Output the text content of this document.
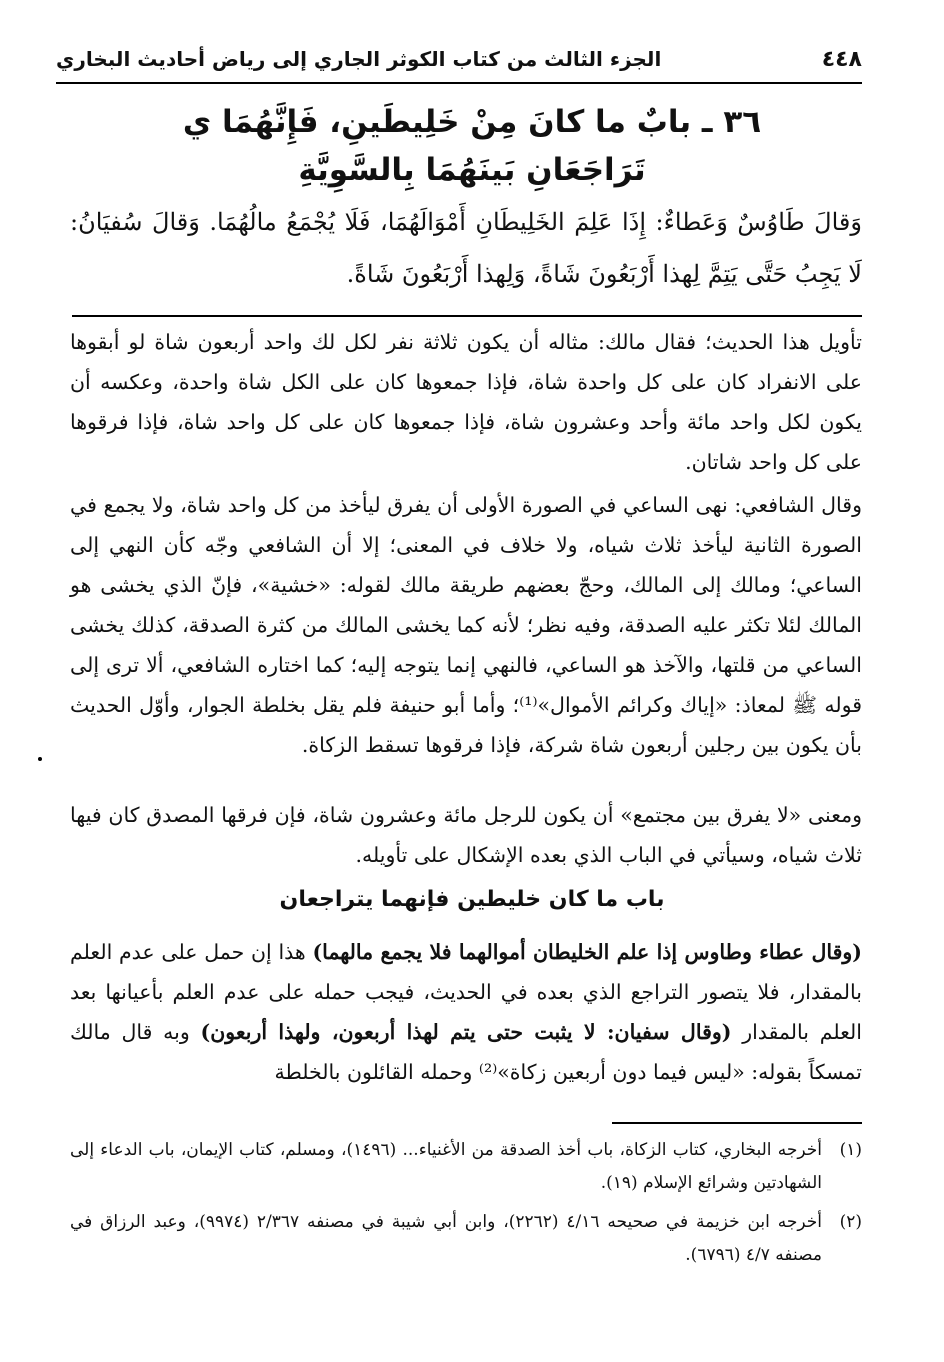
٤٤٨
الجزء الثالث من كتاب الكوثر الجاري إلى رياض أحاديث البخاري
٣٦ ـ بابٌ ما كانَ مِنْ خَلِيطَينِ، فَإِنَّهُمَا ي
تَرَاجَعَانِ بَينَهُمَا بِالسَّوِيَّةِ
وَقالَ طَاوُسٌ وَعَطاءٌ: إِذَا عَلِمَ الخَلِيطَانِ أَمْوَالَهُمَا، فَلَا يُجْمَعُ مالُهُمَا. وَقالَ سُفيَانُ: لَا يَجِبُ حَتَّى يَتِمَّ لِهذا أَرْبَعُونَ شَاةً، وَلِهذا أَرْبَعُونَ شَاةً.
تأويل هذا الحديث؛ فقال مالك: مثاله أن يكون ثلاثة نفر لكل لك واحد أربعون شاة لو أبقوها على الانفراد كان على كل واحدة شاة، فإذا جمعوها كان على الكل شاة واحدة، وعكسه أن يكون لكل واحد مائة وأحد وعشرون شاة، فإذا جمعوها كان على كل واحد شاة، فإذا فرقوها على كل واحد شاتان.
وقال الشافعي: نهى الساعي في الصورة الأولى أن يفرق ليأخذ من كل واحد شاة، ولا يجمع في الصورة الثانية ليأخذ ثلاث شياه، ولا خلاف في المعنى؛ إلا أن الشافعي وجّه كأن النهي إلى الساعي؛ ومالك إلى المالك، وحجّ بعضهم طريقة مالك لقوله: «خشية»، فإنّ الذي يخشى هو المالك لئلا تكثر عليه الصدقة، وفيه نظر؛ لأنه كما يخشى المالك من كثرة الصدقة، كذلك يخشى الساعي من قلتها، والآخذ هو الساعي، فالنهي إنما يتوجه إليه؛ كما اختاره الشافعي، ألا ترى إلى قوله ﷺ لمعاذ: «إياك وكرائم الأموال»⁽¹⁾؛ وأما أبو حنيفة فلم يقل بخلطة الجوار، وأوّل الحديث بأن يكون بين رجلين أربعون شاة شركة، فإذا فرقوها تسقط الزكاة.
ومعنى «لا يفرق بين مجتمع» أن يكون للرجل مائة وعشرون شاة، فإن فرقها المصدق كان فيها ثلاث شياه، وسيأتي في الباب الذي بعده الإشكال على تأويله.
باب ما كان خليطين فإنهما يتراجعان
(وقال عطاء وطاوس إذا علم الخليطان أموالهما فلا يجمع مالهما) هذا إن حمل على عدم العلم بالمقدار، فلا يتصور التراجع الذي بعده في الحديث، فيجب حمله على عدم العلم بأعيانها بعد العلم بالمقدار (وقال سفيان: لا يثبت حتى يتم لهذا أربعون، ولهذا أربعون) وبه قال مالك تمسكاً بقوله: «ليس فيما دون أربعين زكاة»⁽²⁾ وحمله القائلون بالخلطة
(١)
أخرجه البخاري، كتاب الزكاة، باب أخذ الصدقة من الأغنياء... (١٤٩٦)، ومسلم، كتاب الإيمان، باب الدعاء إلى الشهادتين وشرائع الإسلام (١٩).
(٢)
أخرجه ابن خزيمة في صحيحه ٤/١٦ (٢٢٦٢)، وابن أبي شيبة في مصنفه ٢/٣٦٧ (٩٩٧٤)، وعبد الرزاق في مصنفه ٤/٧ (٦٧٩٦).
